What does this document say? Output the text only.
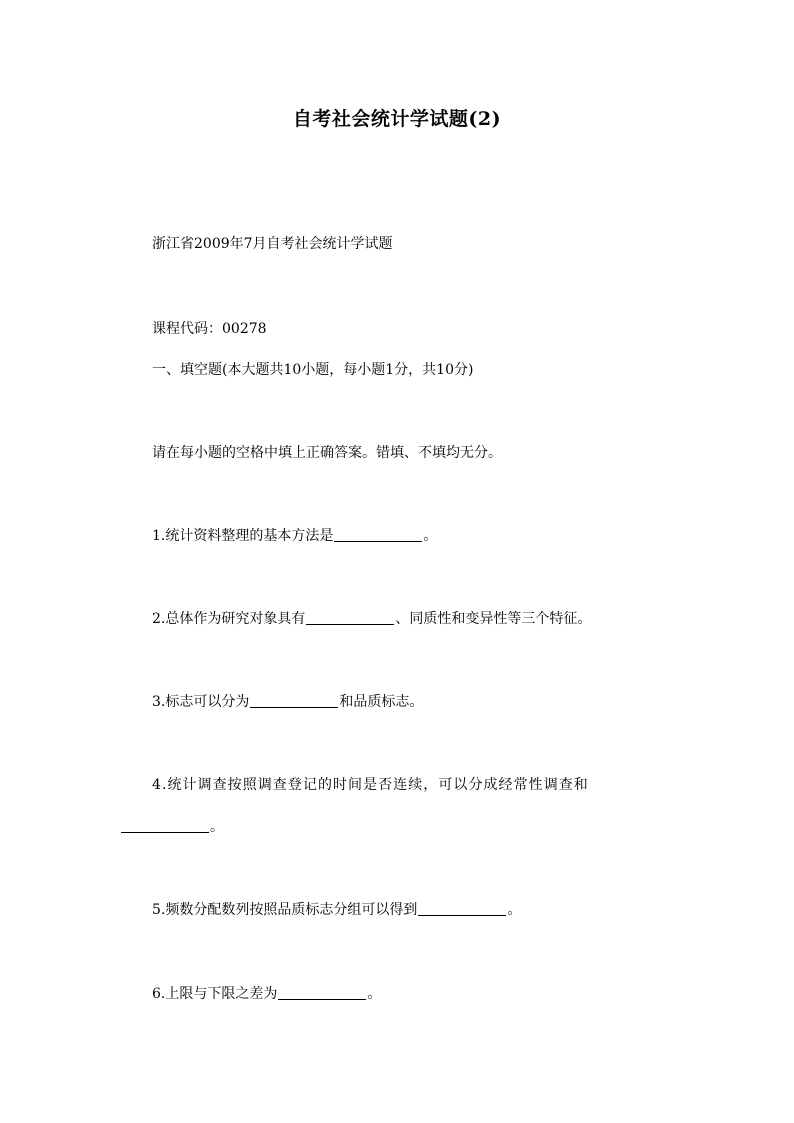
自考社会统计学试题(2)
浙江省2009年7月自考社会统计学试题
课程代码：00278
一、填空题(本大题共10小题，每小题1分，共10分)
请在每小题的空格中填上正确答案。错填、不填均无分。
1.统计资料整理的基本方法是	。
2.总体作为研究对象具有	、同质性和变异性等三个特征。
3.标志可以分为	和品质标志。
4.统计调查按照调查登记的时间是否连续，可以分成经常性调查和
。
5.频数分配数列按照品质标志分组可以得到	。
6.上限与下限之差为	。
